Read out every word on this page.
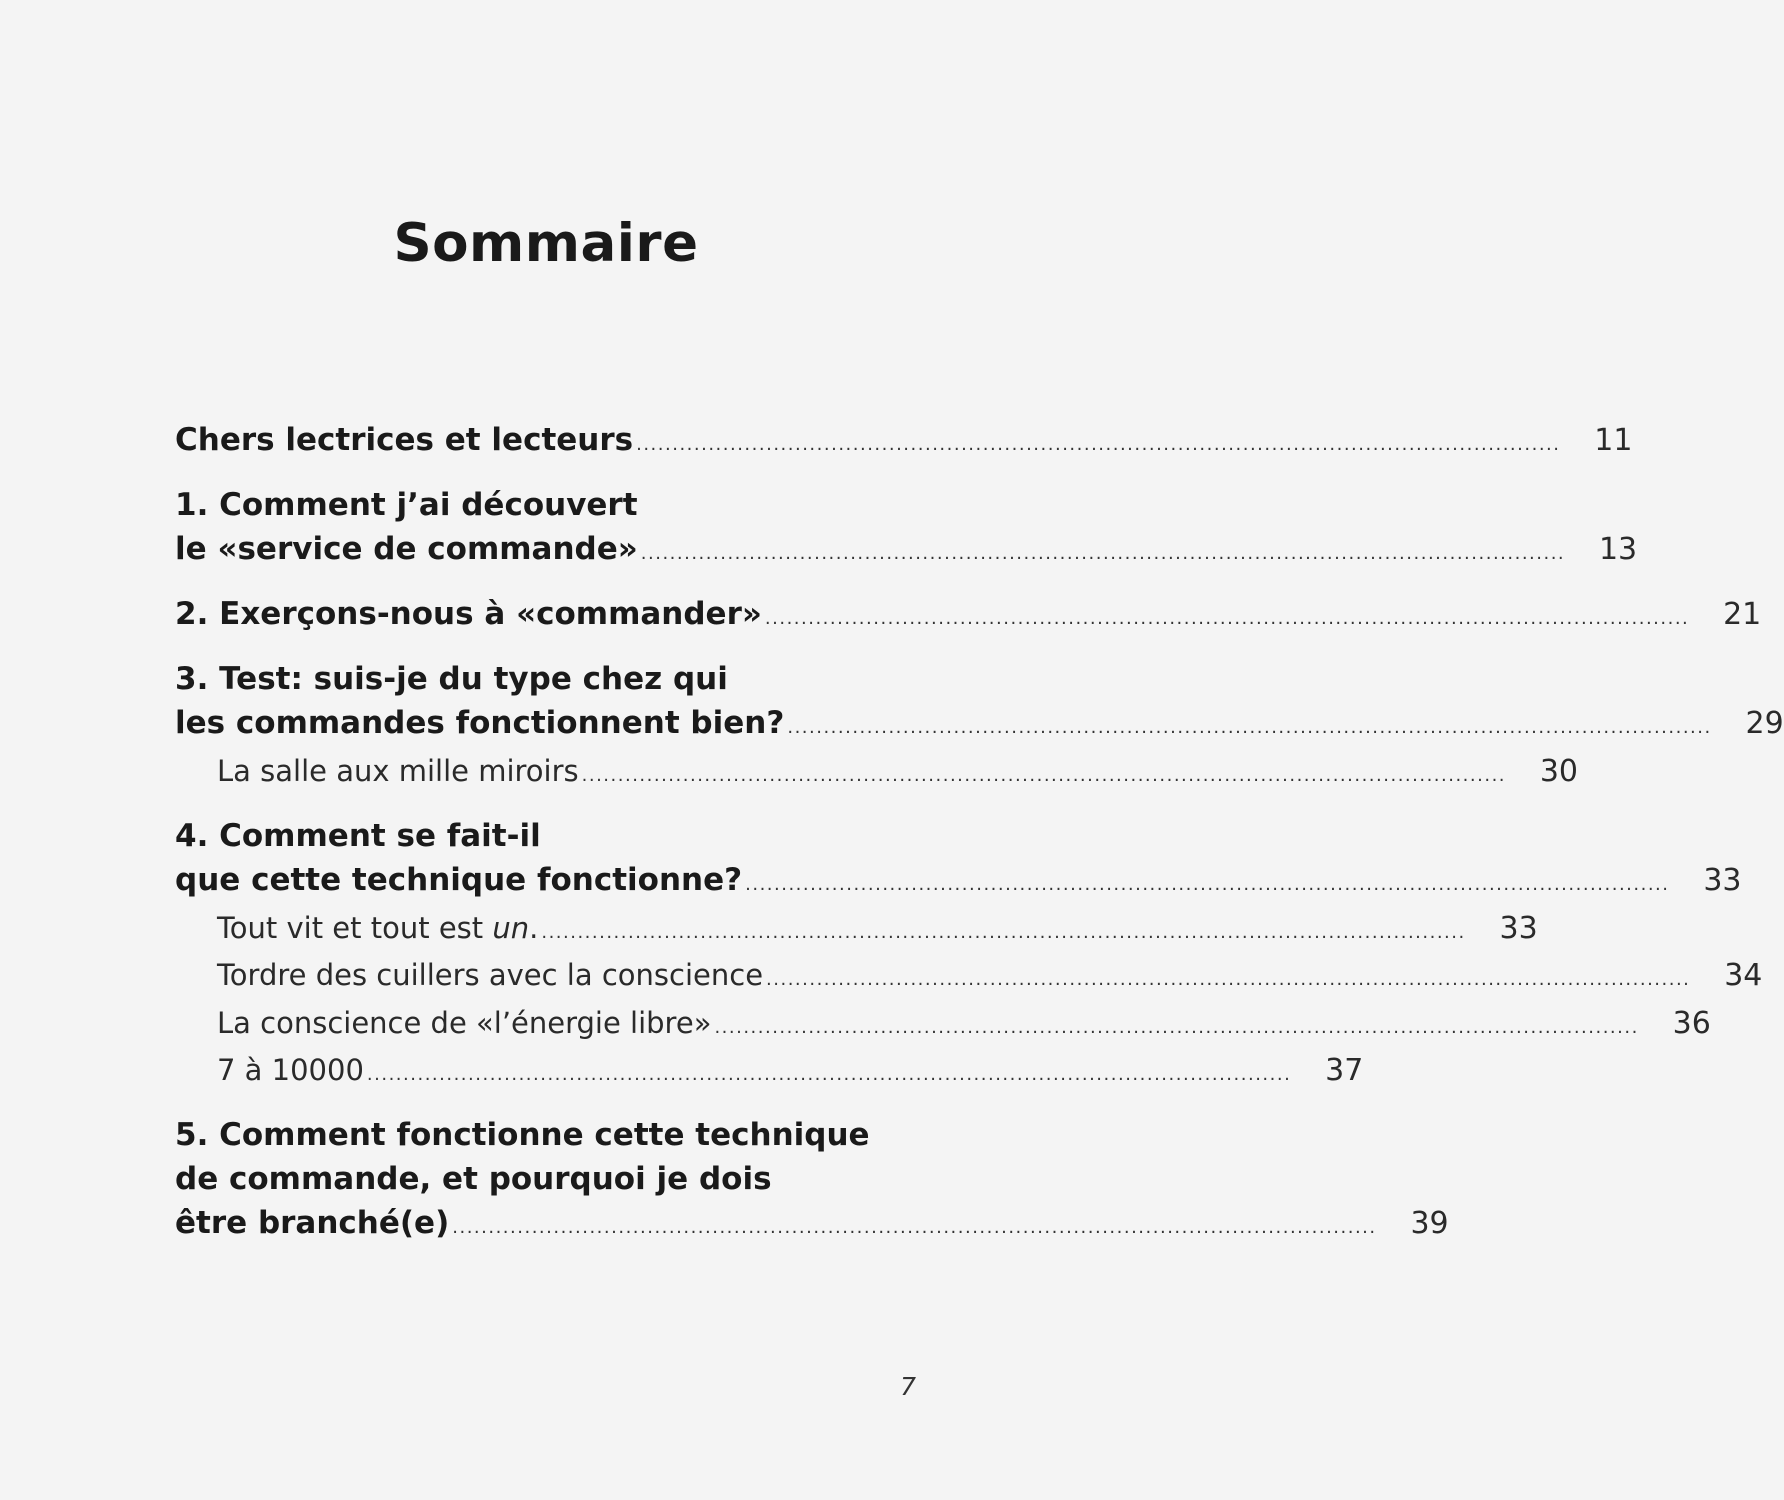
Sommaire
Chers lectrices et lecteurs ................................................................................................................................ 11
1. Comment j’ai découvert
le «service de commande» ................................................................................................................................ 13
2. Exerçons-nous à «commander» ................................................................................................................................ 21
3. Test: suis-je du type chez qui
les commandes fonctionnent bien? ................................................................................................................................ 29
La salle aux mille miroirs ................................................................................................................................ 30
4. Comment se fait-il
que cette technique fonctionne? ................................................................................................................................ 33
Tout vit et tout est un. ................................................................................................................................ 33
Tordre des cuillers avec la conscience ................................................................................................................................ 34
La conscience de «l’énergie libre» ................................................................................................................................ 36
7 à 10000 ................................................................................................................................ 37
5. Comment fonctionne cette technique
de commande, et pourquoi je dois
être branché(e) ................................................................................................................................ 39
7
